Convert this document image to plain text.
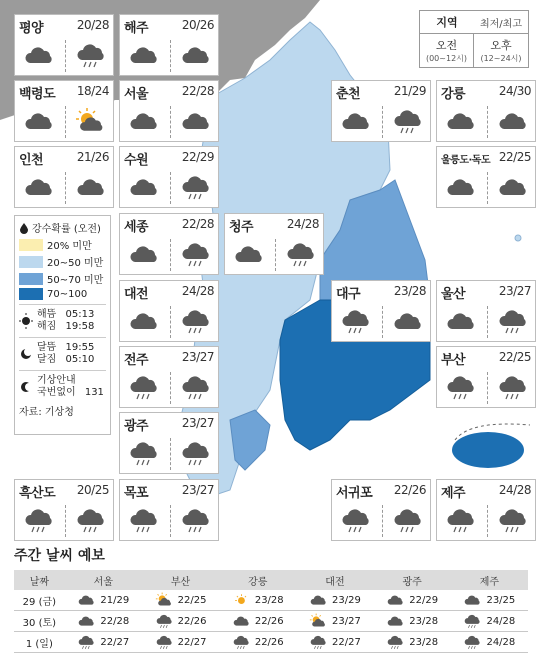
지역	최저/최고
오전
(00~12시)
오후
(12~24시)
강수확률 (오전)
20% 미만
20~50 미만
50~70 미만
70~100
해뜸 05:13
해짐 19:58
달뜸 19:55
달짐 05:10
기상안내
국번없이 131
자료: 기상청
평양	20/28 해주	20/26
백령도 18/24 서울	22/28	춘천	21/29 강릉	24/30
인천	21/26 수원	22/29	울릉도·독도 22/25
세종	22/28 청주	24/28
대전	24/28	대구	23/28 울산	23/27
전주	23/27	부산	22/25
광주	23/27
흑산도 20/25 목포	23/27	서귀포 22/26 제주	24/28
주간 날씨 예보
날짜	서울	부산	강릉	대전	광주	제주
29 (금)	21/29	22/25	23/28	23/29	22/29	23/25

30 (토)	22/28	22/26	22/26	23/27	23/28	24/28

1 (일)	22/27	22/27	22/26	22/27	23/28	24/28
